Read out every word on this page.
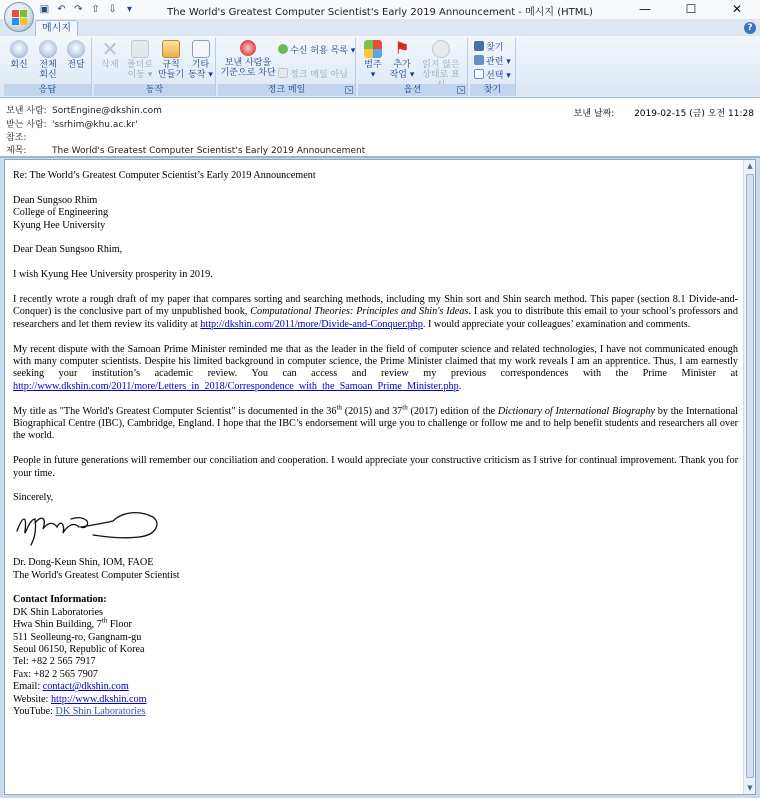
▣ ↶ ↷ ⇧ ⇩	▾	The World's Greatest Computer Scientist's Early 2019 Announcement - 메시지 (HTML)	—	☐	✕
메시지	?
회신	전체
회신
전달
응답
✕
삭제 폴더로
이동 ▾
규칙
만들기
기타
동작 ▾
동작
보낸 사람을
기준으로 차단
수신 허용 목록 ▾
정크 메일 아님
정크 메일	↘
범주
▾
⚑
추가
작업 ▾
읽지 않은
상태로 표
옵션	↘
찾기
관련 ▾
선택 ▾
찾기
보낸 사람: SortEngine@dkshin.com
받는 사람: 'ssrhim@khu.ac.kr'
참조:
제목:	The World's Greatest Computer Scientist's Early 2019 Announcement
보낸 날짜: 2019-02-15 (금) 오전 11:28

Re: The World’s Greatest Computer Scientist’s Early 2019 Announcement

Dean Sungsoo Rhim
College of Engineering
Kyung Hee University

Dear Dean Sungsoo Rhim,

I wish Kyung Hee University prosperity in 2019.

I recently wrote a rough draft of my paper that compares sorting and searching methods, including my Shin sort and Shin search method. This paper (section 8.1 Divide-and-Conquer) is the conclusive part of my unpublished book, Computational Theories: Principles and Shin's Ideas. I ask you to distribute this email to your school’s professors and researchers and let them review its validity at http://dkshin.com/2011/more/Divide-and-Conquer.php. I would appreciate your colleagues’ examination and comments.

My recent dispute with the Samoan Prime Minister reminded me that as the leader in the field of computer science and related technologies, I have not communicated enough with many computer scientists. Despite his limited background in computer science, the Prime Minister claimed that my work reveals I am an apprentice. Thus, I am earnestly seeking your institution’s academic review. You can access and review my previous correspondences with the Prime Minister at http://www.dkshin.com/2011/more/Letters_in_2018/Correspondence_with_the_Samoan_Prime_Minister.php.

My title as "The World's Greatest Computer Scientist" is documented in the 36th (2015) and 37th (2017) edition of the Dictionary of International Biography by the International Biographical Centre (IBC), Cambridge, England. I hope that the IBC’s endorsement will urge you to challenge or follow me and to help benefit students and researchers all over the world.

People in future generations will remember our conciliation and cooperation. I would appreciate your constructive criticism as I strive for continual improvement. Thank you for your time.

Sincerely,

Dr. Dong-Keun Shin, IOM, FAOE
The World's Greatest Computer Scientist

Contact Information:
DK Shin Laboratories
Hwa Shin Building, 7th Floor
511 Seolleung-ro, Gangnam-gu
Seoul 06150, Republic of Korea
Tel: +82 2 565 7917
Fax: +82 2 565 7907
Email: contact@dkshin.com
Website: http://www.dkshin.com
YouTube: DK Shin Laboratories

▲
▼
